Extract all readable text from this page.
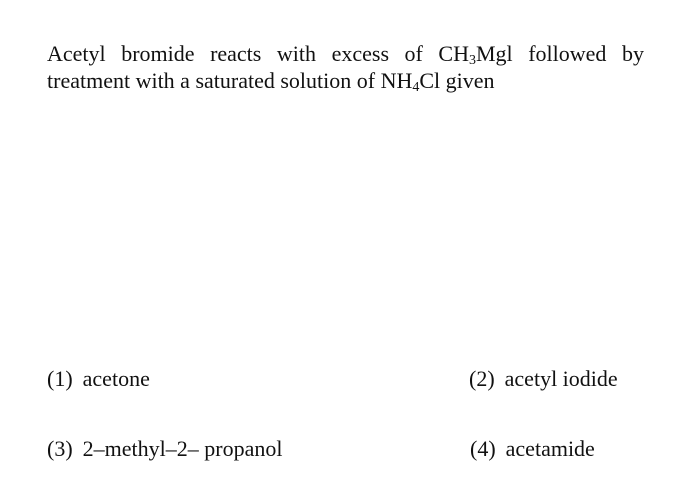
Acetyl bromide reacts with excess of $CH_3Mgl$ followed by treatment with a saturated solution of $NH_4Cl$ given
(1) acetone	(2) acetyl iodide
(3) 2–methyl–2– propanol	(4) acetamide
